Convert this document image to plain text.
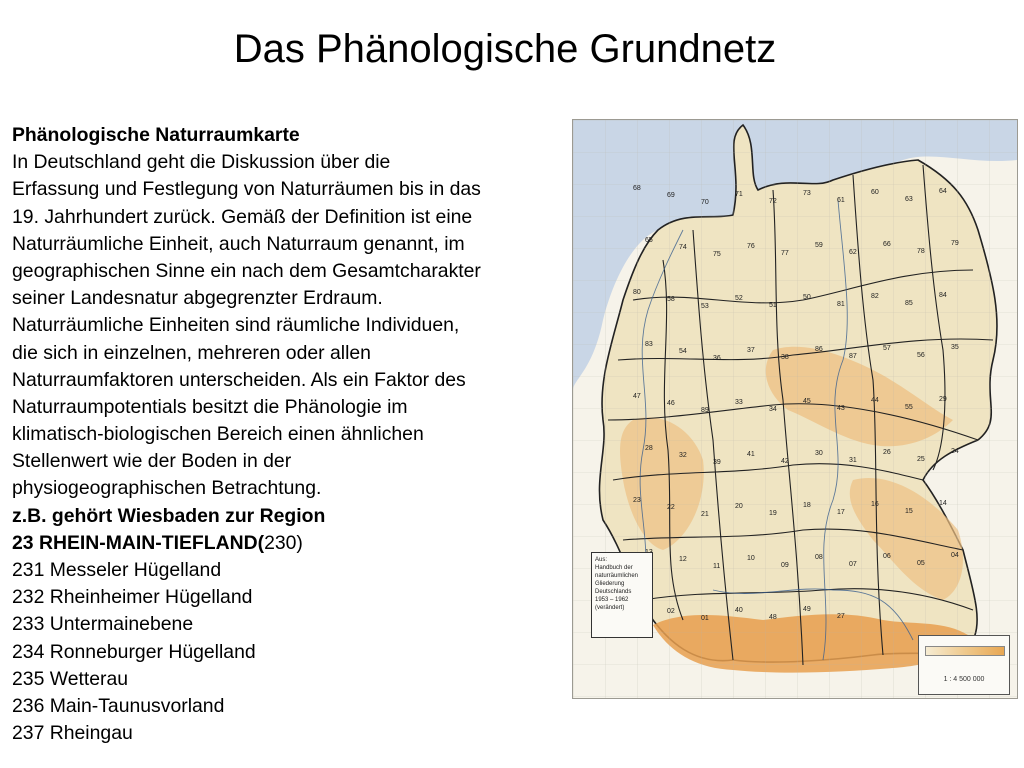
Das Phänologische Grundnetz
Phänologische Naturraumkarte
In Deutschland geht die Diskussion über die
Erfassung und Festlegung von Naturräumen bis in das
19. Jahrhundert zurück. Gemäß der Definition ist eine
Naturräumliche Einheit, auch Naturraum genannt, im
geographischen Sinne ein nach dem Gesamtcharakter
seiner Landesnatur abgegrenzter Erdraum.
Naturräumliche Einheiten sind räumliche Individuen,
die sich in einzelnen, mehreren oder allen
Naturraumfaktoren unterscheiden. Als ein Faktor des
Naturraumpotentials besitzt die Phänologie im
klimatisch-biologischen Bereich einen ähnlichen
Stellenwert wie der Boden in der
physiogeographischen Betrachtung.
z.B. gehört Wiesbaden zur Region
23 RHEIN-MAIN-TIEFLAND(230)
231 Messeler Hügelland
232 Rheinheimer Hügelland
233 Untermainebene
234 Ronneburger Hügelland
235 Wetterau
236 Main-Taunusvorland
237 Rheingau
68
69
70
71
72
73
61
60
63
64
65
74
75
76
77
59
62
66
78
79
80
58
53
52
51
50
81
82
85
84
83
54
36
37
38
86
87
57
56
35
47
46
89
33
34
45
43
44
55
29
28
32
39
41
42
30
31
26
25
24
23
22
21
20
19
18
17
16
15
14
12
11
10
09
08
07
06
05
04
02
01
40
48
49
27
Aus:
Handbuch der
naturräumlichen
Gliederung
Deutschlands
1953 – 1962
(verändert)
1 : 4 500 000
